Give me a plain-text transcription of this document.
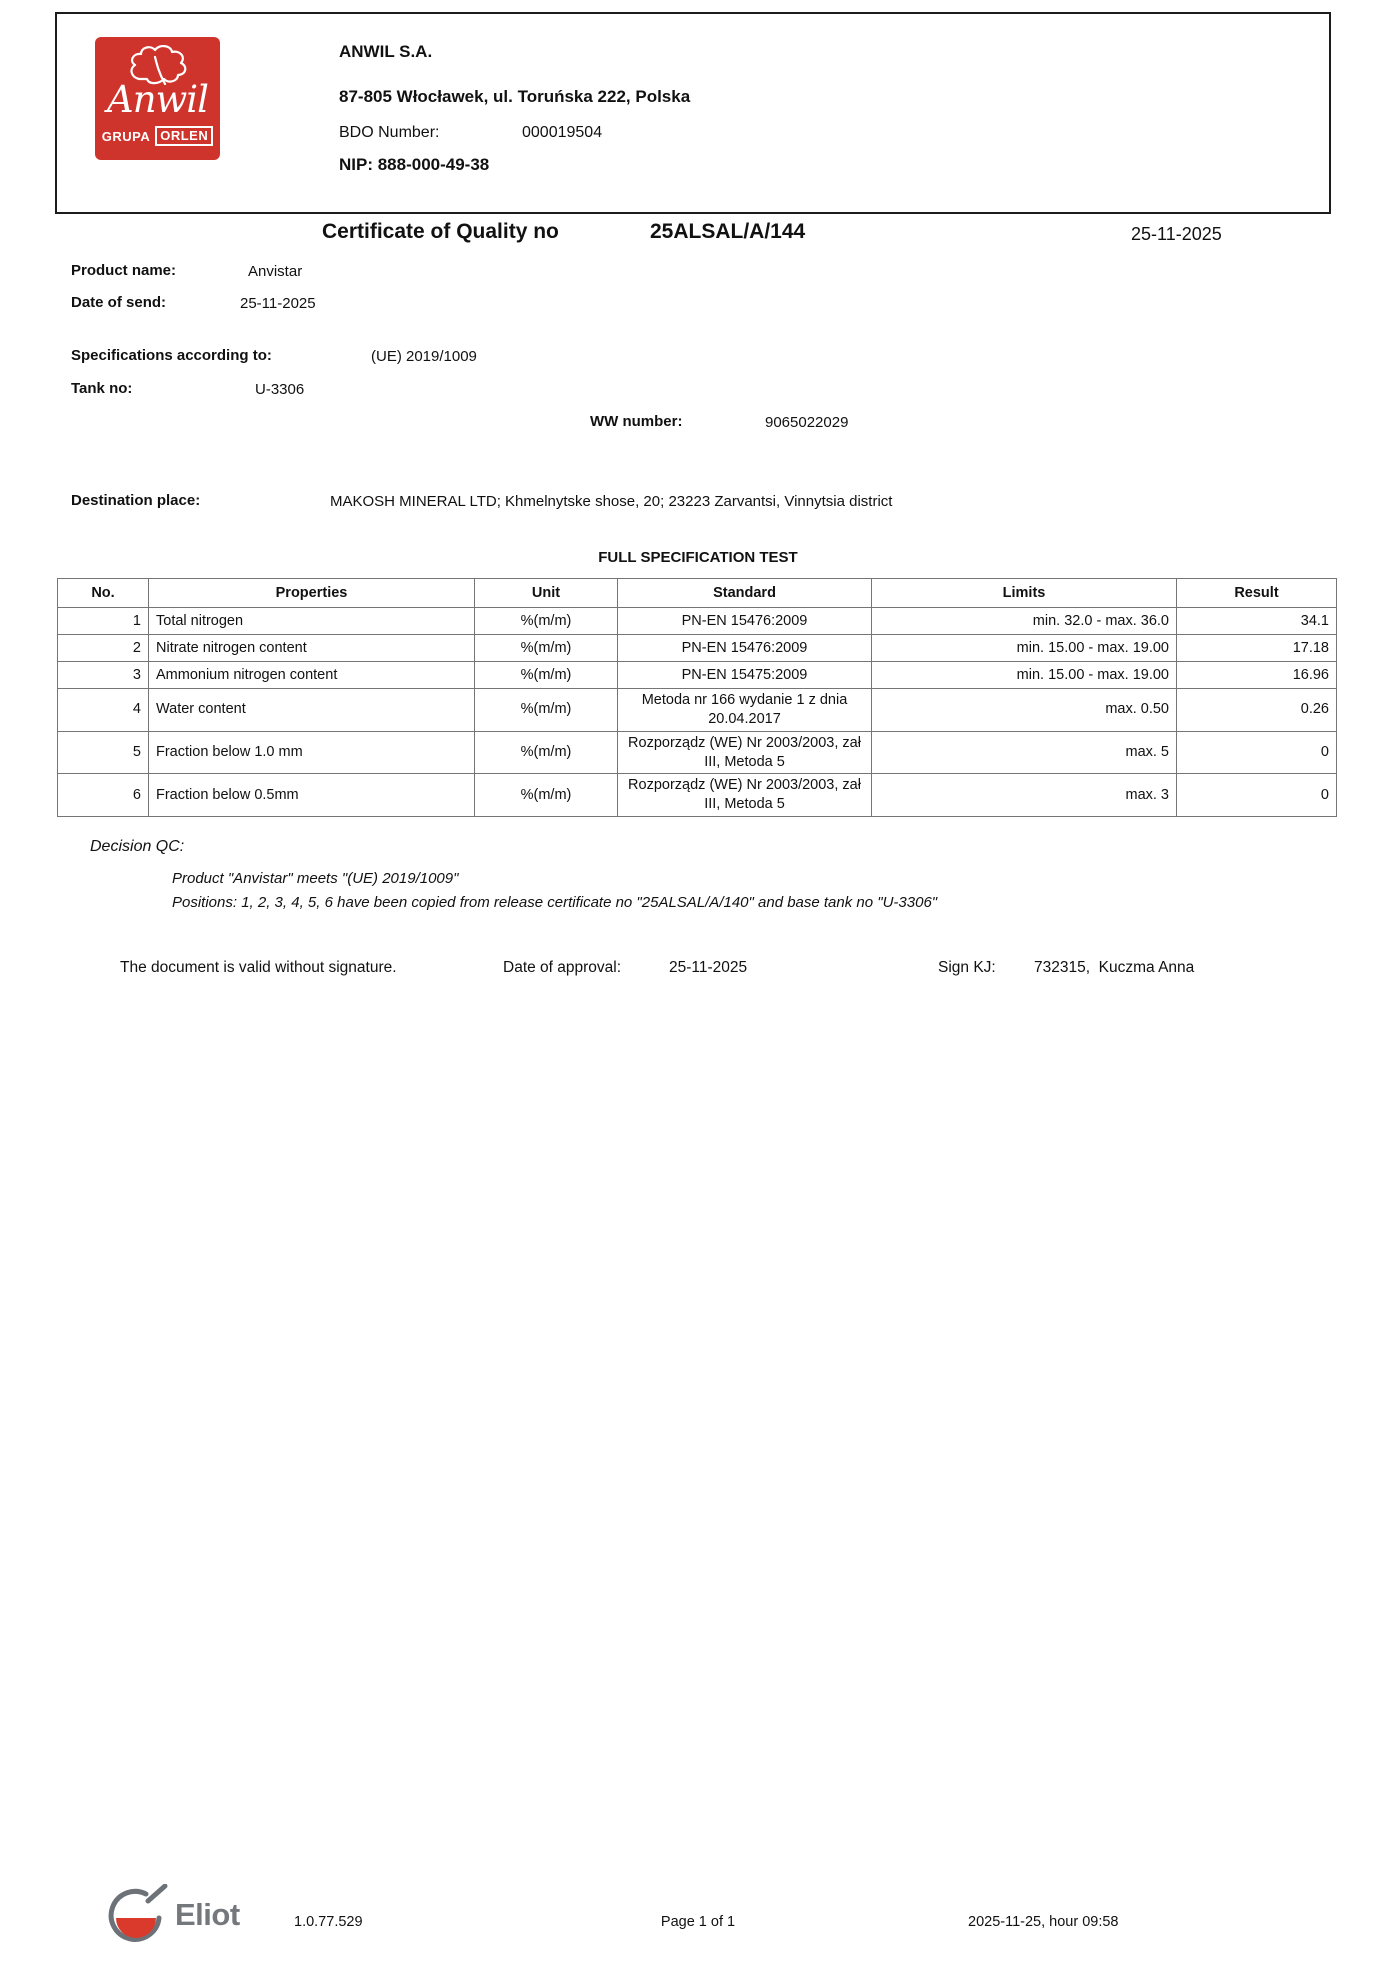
Anwil
GRUPA ORLEN
ANWIL S.A.
87-805 Włocławek, ul. Toruńska 222, Polska
BDO Number:	000019504
NIP: 888-000-49-38
Certificate of Quality no	25ALSAL/A/144	25-11-2025
Product name:	Anvistar
Date of send:	25-11-2025
Specifications according to:	(UE) 2019/1009
Tank no:	U-3306
WW number:	9065022029
Destination place:	MAKOSH MINERAL LTD; Khmelnytske shose, 20; 23223 Zarvantsi, Vinnytsia district
FULL SPECIFICATION TEST
No.	Properties	Unit	Standard	Limits	Result
1	Total nitrogen	%(m/m)	PN-EN 15476:2009	min. 32.0 - max. 36.0	34.1
2	Nitrate nitrogen content	%(m/m)	PN-EN 15476:2009	min. 15.00 - max. 19.00	17.18
3	Ammonium nitrogen content	%(m/m)	PN-EN 15475:2009	min. 15.00 - max. 19.00	16.96
4	Water content	%(m/m)	Metoda nr 166 wydanie 1 z dnia 20.04.2017	max. 0.50	0.26
5	Fraction below 1.0 mm	%(m/m)	Rozporządz (WE) Nr 2003/2003, zał III, Metoda 5	max. 5	0
6	Fraction below 0.5mm	%(m/m)	Rozporządz (WE) Nr 2003/2003, zał III, Metoda 5	max. 3	0
Decision QC:
Product "Anvistar" meets "(UE) 2019/1009"
Positions: 1, 2, 3, 4, 5, 6 have been copied from release certificate no "25ALSAL/A/140" and base tank no "U-3306"
The document is valid without signature.	Date of approval:	25-11-2025	Sign KJ: 732315,  Kuczma Anna
Eliot	1.0.77.529	Page 1 of 1	2025-11-25, hour 09:58
